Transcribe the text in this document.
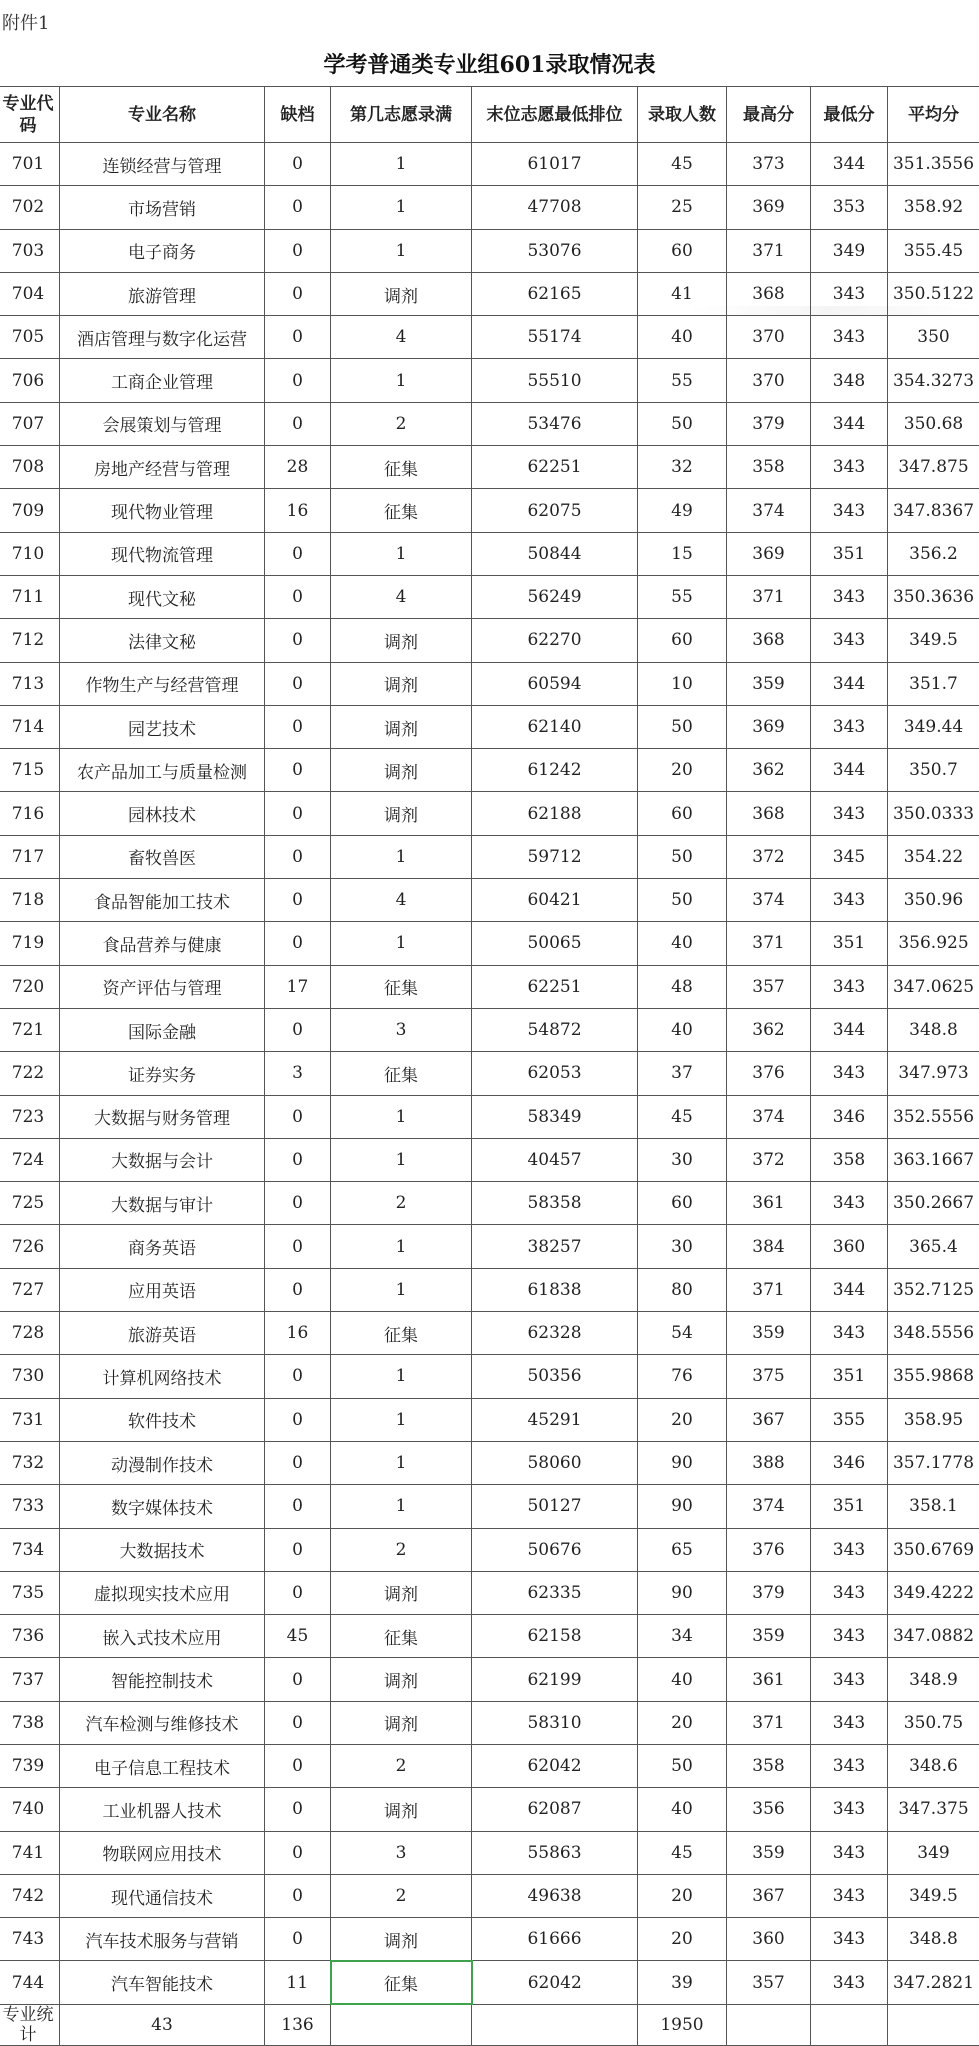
附件1
学考普通类专业组601录取情况表
专业代码	专业名称	缺档	第几志愿录满	末位志愿最低排位	录取人数	最高分	最低分	平均分
701	连锁经营与管理	0	1	61017	45	373	344	351.3556
702	市场营销	0	1	47708	25	369	353	358.92
703	电子商务	0	1	53076	60	371	349	355.45
704	旅游管理	0	调剂	62165	41	368	343	350.5122
705	酒店管理与数字化运营	0	4	55174	40	370	343	350
706	工商企业管理	0	1	55510	55	370	348	354.3273
707	会展策划与管理	0	2	53476	50	379	344	350.68
708	房地产经营与管理	28	征集	62251	32	358	343	347.875
709	现代物业管理	16	征集	62075	49	374	343	347.8367
710	现代物流管理	0	1	50844	15	369	351	356.2
711	现代文秘	0	4	56249	55	371	343	350.3636
712	法律文秘	0	调剂	62270	60	368	343	349.5
713	作物生产与经营管理	0	调剂	60594	10	359	344	351.7
714	园艺技术	0	调剂	62140	50	369	343	349.44
715	农产品加工与质量检测	0	调剂	61242	20	362	344	350.7
716	园林技术	0	调剂	62188	60	368	343	350.0333
717	畜牧兽医	0	1	59712	50	372	345	354.22
718	食品智能加工技术	0	4	60421	50	374	343	350.96
719	食品营养与健康	0	1	50065	40	371	351	356.925
720	资产评估与管理	17	征集	62251	48	357	343	347.0625
721	国际金融	0	3	54872	40	362	344	348.8
722	证券实务	3	征集	62053	37	376	343	347.973
723	大数据与财务管理	0	1	58349	45	374	346	352.5556
724	大数据与会计	0	1	40457	30	372	358	363.1667
725	大数据与审计	0	2	58358	60	361	343	350.2667
726	商务英语	0	1	38257	30	384	360	365.4
727	应用英语	0	1	61838	80	371	344	352.7125
728	旅游英语	16	征集	62328	54	359	343	348.5556
730	计算机网络技术	0	1	50356	76	375	351	355.9868
731	软件技术	0	1	45291	20	367	355	358.95
732	动漫制作技术	0	1	58060	90	388	346	357.1778
733	数字媒体技术	0	1	50127	90	374	351	358.1
734	大数据技术	0	2	50676	65	376	343	350.6769
735	虚拟现实技术应用	0	调剂	62335	90	379	343	349.4222
736	嵌入式技术应用	45	征集	62158	34	359	343	347.0882
737	智能控制技术	0	调剂	62199	40	361	343	348.9
738	汽车检测与维修技术	0	调剂	58310	20	371	343	350.75
739	电子信息工程技术	0	2	62042	50	358	343	348.6
740	工业机器人技术	0	调剂	62087	40	356	343	347.375
741	物联网应用技术	0	3	55863	45	359	343	349
742	现代通信技术	0	2	49638	20	367	343	349.5
743	汽车技术服务与营销	0	调剂	61666	20	360	343	348.8
744	汽车智能技术	11	征集	62042	39	357	343	347.2821
专业统计	43	136			1950			
